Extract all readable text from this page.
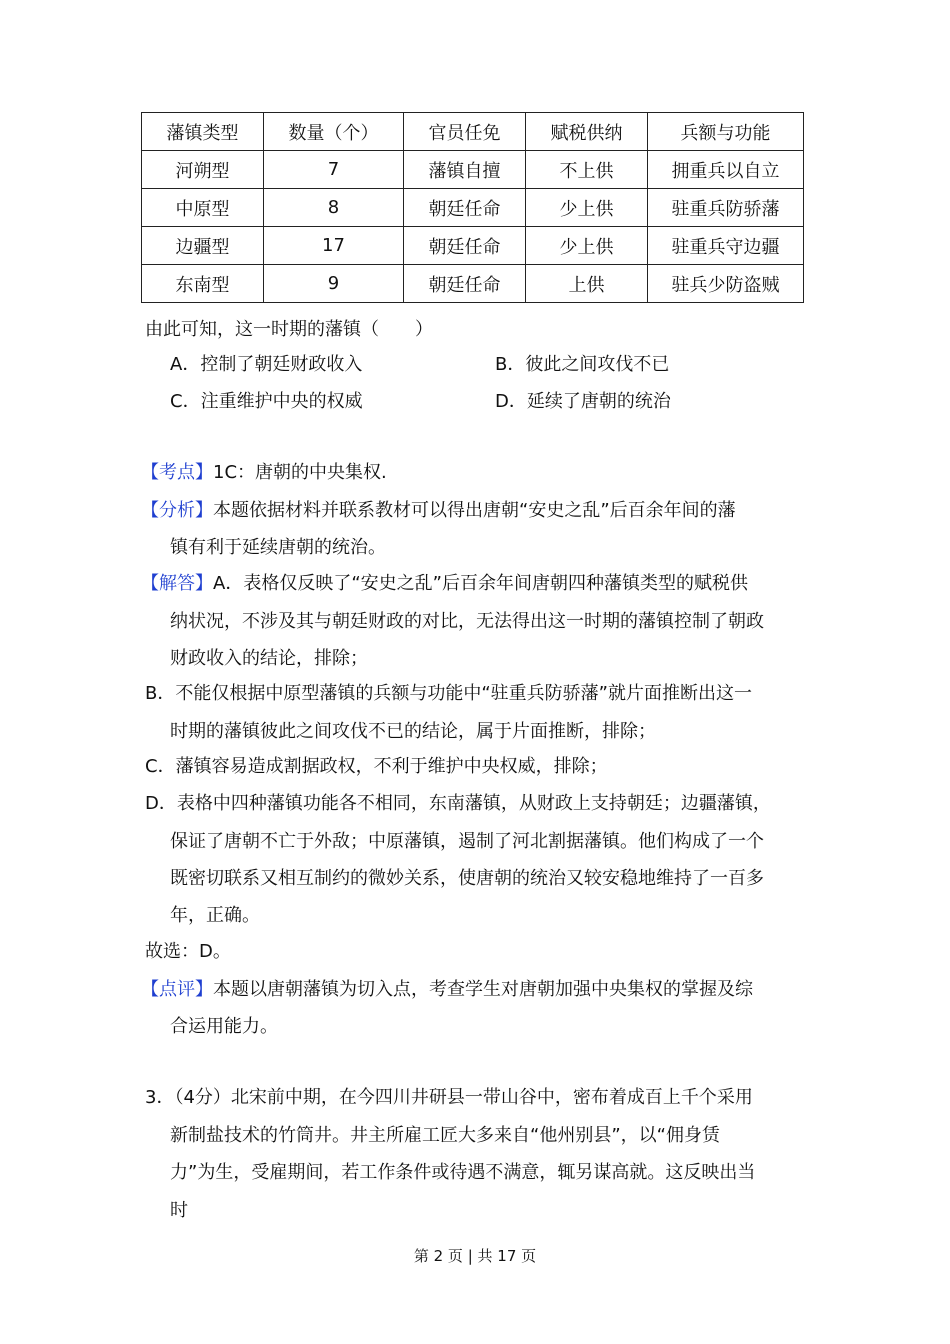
藩镇类型	数量（个）	官员任免	赋税供纳	兵额与功能
河朔型	7	藩镇自擅	不上供	拥重兵以自立
中原型	8	朝廷任命	少上供	驻重兵防骄藩
边疆型	17	朝廷任命	少上供	驻重兵守边疆
东南型	9	朝廷任命	上供	驻兵少防盗贼
由此可知，这一时期的藩镇（　　）
A．控制了朝廷财政收入	B．彼此之间攻伐不已
C．注重维护中央的权威	D．延续了唐朝的统治
【考点】1C：唐朝的中央集权.
【分析】本题依据材料并联系教材可以得出唐朝“安史之乱”后百余年间的藩
镇有利于延续唐朝的统治。
【解答】A．表格仅反映了“安史之乱”后百余年间唐朝四种藩镇类型的赋税供
纳状况，不涉及其与朝廷财政的对比，无法得出这一时期的藩镇控制了朝政
财政收入的结论，排除；
B．不能仅根据中原型藩镇的兵额与功能中“驻重兵防骄藩”就片面推断出这一
时期的藩镇彼此之间攻伐不已的结论，属于片面推断，排除；
C．藩镇容易造成割据政权，不利于维护中央权威，排除；
D．表格中四种藩镇功能各不相同，东南藩镇，从财政上支持朝廷；边疆藩镇，
保证了唐朝不亡于外敌；中原藩镇，遏制了河北割据藩镇。他们构成了一个
既密切联系又相互制约的微妙关系，使唐朝的统治又较安稳地维持了一百多
年，正确。
故选：D。
【点评】本题以唐朝藩镇为切入点，考查学生对唐朝加强中央集权的掌握及综
合运用能力。
3．（4分）北宋前中期，在今四川井研县一带山谷中，密布着成百上千个采用
新制盐技术的竹筒井。井主所雇工匠大多来自“他州别县”，以“佣身赁
力”为生，受雇期间，若工作条件或待遇不满意，辄另谋高就。这反映出当
时
第 2 页 | 共 17 页
